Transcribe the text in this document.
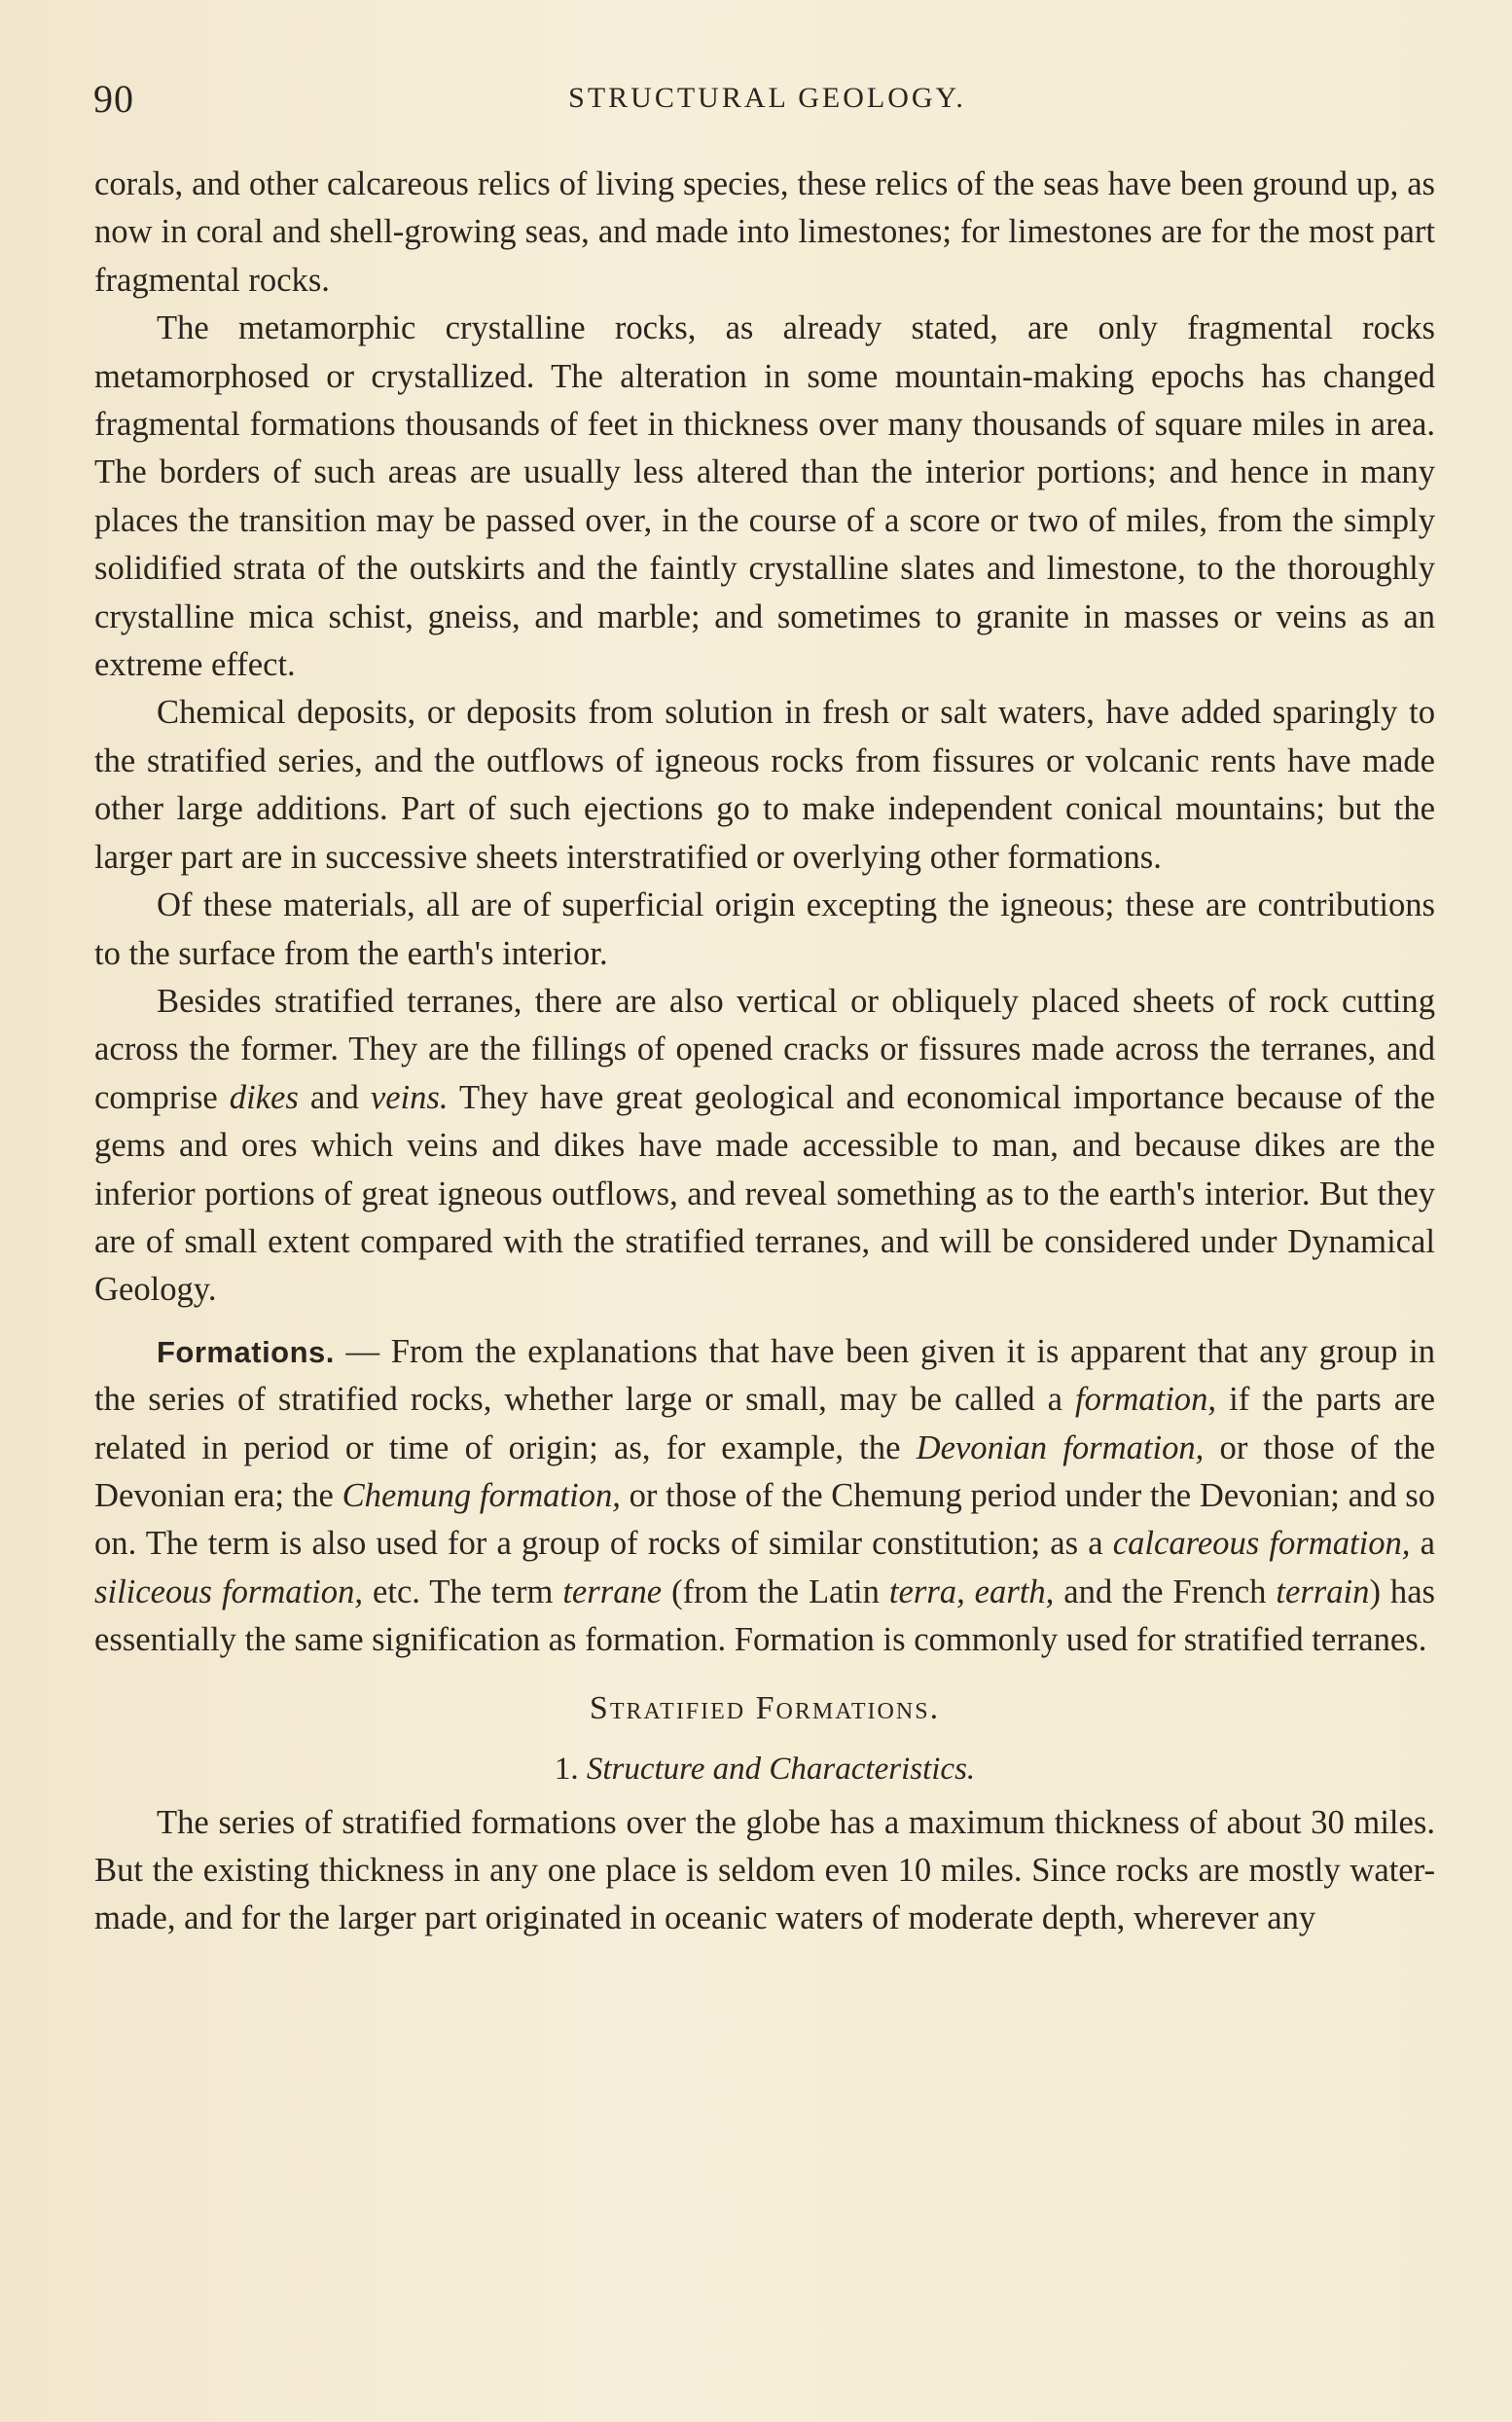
90	STRUCTURAL GEOLOGY.

corals, and other calcareous relics of living species, these relics of the seas have been ground up, as now in coral and shell-growing seas, and made into limestones; for limestones are for the most part fragmental rocks.

The metamorphic crystalline rocks, as already stated, are only fragmental rocks metamorphosed or crystallized. The alteration in some mountain-making epochs has changed fragmental formations thousands of feet in thickness over many thousands of square miles in area. The borders of such areas are usually less altered than the interior portions; and hence in many places the transition may be passed over, in the course of a score or two of miles, from the simply solidified strata of the outskirts and the faintly crystalline slates and limestone, to the thoroughly crystalline mica schist, gneiss, and marble; and sometimes to granite in masses or veins as an extreme effect.

Chemical deposits, or deposits from solution in fresh or salt waters, have added sparingly to the stratified series, and the outflows of igneous rocks from fissures or volcanic rents have made other large additions. Part of such ejections go to make independent conical mountains; but the larger part are in successive sheets interstratified or overlying other formations.

Of these materials, all are of superficial origin excepting the igneous; these are contributions to the surface from the earth's interior.

Besides stratified terranes, there are also vertical or obliquely placed sheets of rock cutting across the former. They are the fillings of opened cracks or fissures made across the terranes, and comprise dikes and veins. They have great geological and economical importance because of the gems and ores which veins and dikes have made accessible to man, and because dikes are the inferior portions of great igneous outflows, and reveal something as to the earth's interior. But they are of small extent compared with the stratified terranes, and will be considered under Dynamical Geology.

Formations. — From the explanations that have been given it is apparent that any group in the series of stratified rocks, whether large or small, may be called a formation, if the parts are related in period or time of origin; as, for example, the Devonian formation, or those of the Devonian era; the Chemung formation, or those of the Chemung period under the Devonian; and so on. The term is also used for a group of rocks of similar constitution; as a calcareous formation, a siliceous formation, etc. The term terrane (from the Latin terra, earth, and the French terrain) has essentially the same signification as formation. Formation is commonly used for stratified terranes.

Stratified Formations.
1. Structure and Characteristics.

The series of stratified formations over the globe has a maximum thickness of about 30 miles. But the existing thickness in any one place is seldom even 10 miles. Since rocks are mostly water-made, and for the larger part originated in oceanic waters of moderate depth, wherever any
